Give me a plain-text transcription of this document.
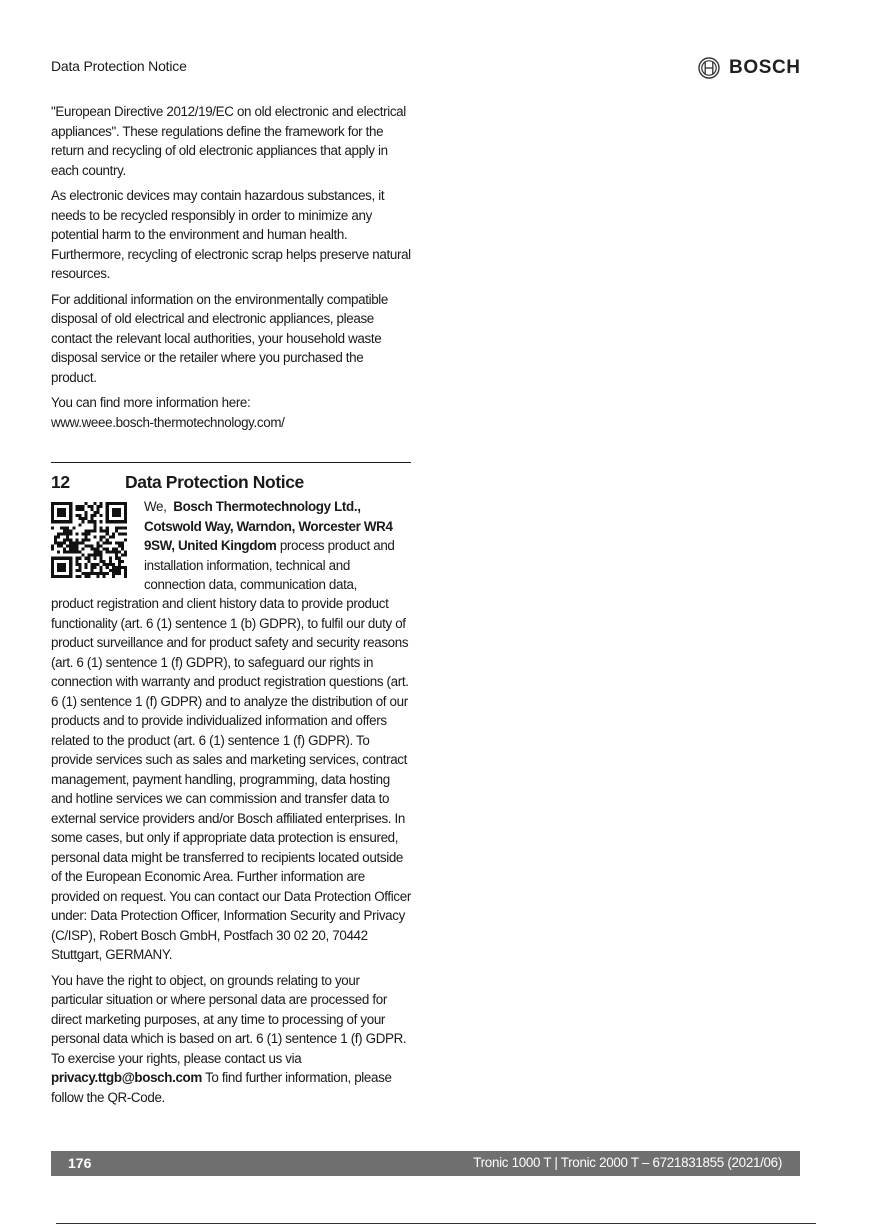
Data Protection Notice	BOSCH

"European Directive 2012/19/EC on old electronic and electrical appliances". These regulations define the framework for the return and recycling of old electronic appliances that apply in each country.

As electronic devices may contain hazardous substances, it needs to be recycled responsibly in order to minimize any potential harm to the environment and human health. Furthermore, recycling of electronic scrap helps preserve natural resources.

For additional information on the environmentally compatible disposal of old electrical and electronic appliances, please contact the relevant local authorities, your household waste disposal service or the retailer where you purchased the product.

You can find more information here:
www.weee.bosch-thermotechnology.com/

12	Data Protection Notice
We, Bosch Thermotechnology Ltd., Cotswold Way, Warndon, Worcester WR4 9SW, United Kingdom process product and installation information, technical and connection data, communication data,

product registration and client history data to provide product functionality (art. 6 (1) sentence 1 (b) GDPR), to fulfil our duty of product surveillance and for product safety and security reasons (art. 6 (1) sentence 1 (f) GDPR), to safeguard our rights in connection with warranty and product registration questions (art. 6 (1) sentence 1 (f) GDPR) and to analyze the distribution of our products and to provide individualized information and offers related to the product (art. 6 (1) sentence 1 (f) GDPR). To provide services such as sales and marketing services, contract management, payment handling, programming, data hosting and hotline services we can commission and transfer data to external service providers and/or Bosch affiliated enterprises. In some cases, but only if appropriate data protection is ensured, personal data might be transferred to recipients located outside of the European Economic Area. Further information are provided on request. You can contact our Data Protection Officer under: Data Protection Officer, Information Security and Privacy (C/ISP), Robert Bosch GmbH, Postfach 30 02 20, 70442 Stuttgart, GERMANY.

You have the right to object, on grounds relating to your particular situation or where personal data are processed for direct marketing purposes, at any time to processing of your personal data which is based on art. 6 (1) sentence 1 (f) GDPR. To exercise your rights, please contact us via privacy.ttgb@bosch.com To find further information, please follow the QR-Code.

176	Tronic 1000 T | Tronic 2000 T – 6721831855 (2021/06)
